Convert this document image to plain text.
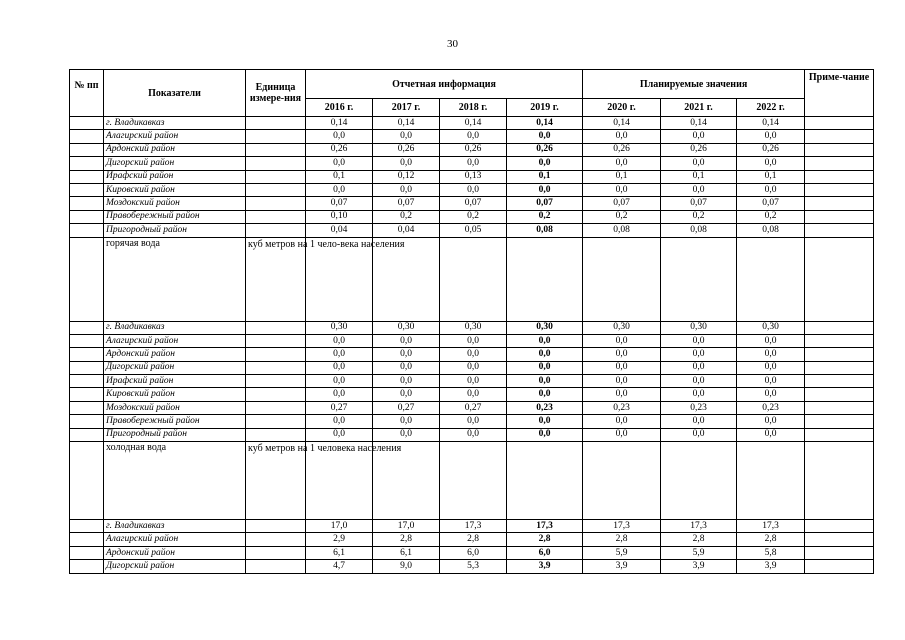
30
№ пп	Показатели	Единица измере-ния	Отчетная информация				Планируемые значения			Приме-чание
			2016 г.	2017 г.	2018 г.	2019 г.	2020 г.	2021 г.	2022 г.	
	г. Владикавказ		0,14	0,14	0,14	0,14	0,14	0,14	0,14	
	Алагирский район		0,0	0,0	0,0	0,0	0,0	0,0	0,0	
	Ардонский район		0,26	0,26	0,26	0,26	0,26	0,26	0,26	
	Дигорский район		0,0	0,0	0,0	0,0	0,0	0,0	0,0	
	Ирафский район		0,1	0,12	0,13	0,1	0,1	0,1	0,1	
	Кировский район		0,0	0,0	0,0	0,0	0,0	0,0	0,0	
	Моздокский район		0,07	0,07	0,07	0,07	0,07	0,07	0,07	
	Правобережный район		0,10	0,2	0,2	0,2	0,2	0,2	0,2	
	Пригородный район		0,04	0,04	0,05	0,08	0,08	0,08	0,08	
	горячая вода	куб метров на 1 чело-века населения								
	г. Владикавказ		0,30	0,30	0,30	0,30	0,30	0,30	0,30	
	Алагирский район		0,0	0,0	0,0	0,0	0,0	0,0	0,0	
	Ардонский район		0,0	0,0	0,0	0,0	0,0	0,0	0,0	
	Дигорский район		0,0	0,0	0,0	0,0	0,0	0,0	0,0	
	Ирафский район		0,0	0,0	0,0	0,0	0,0	0,0	0,0	
	Кировский район		0,0	0,0	0,0	0,0	0,0	0,0	0,0	
	Моздокский район		0,27	0,27	0,27	0,23	0,23	0,23	0,23	
	Правобережный район		0,0	0,0	0,0	0,0	0,0	0,0	0,0	
	Пригородный район		0,0	0,0	0,0	0,0	0,0	0,0	0,0	
	холодная вода	куб метров на 1 человека населения								
	г. Владикавказ		17,0	17,0	17,3	17,3	17,3	17,3	17,3	
	Алагирский район		2,9	2,8	2,8	2,8	2,8	2,8	2,8	
	Ардонский район		6,1	6,1	6,0	6,0	5,9	5,9	5,8	
	Дигорский район		4,7	9,0	5,3	3,9	3,9	3,9	3,9	
